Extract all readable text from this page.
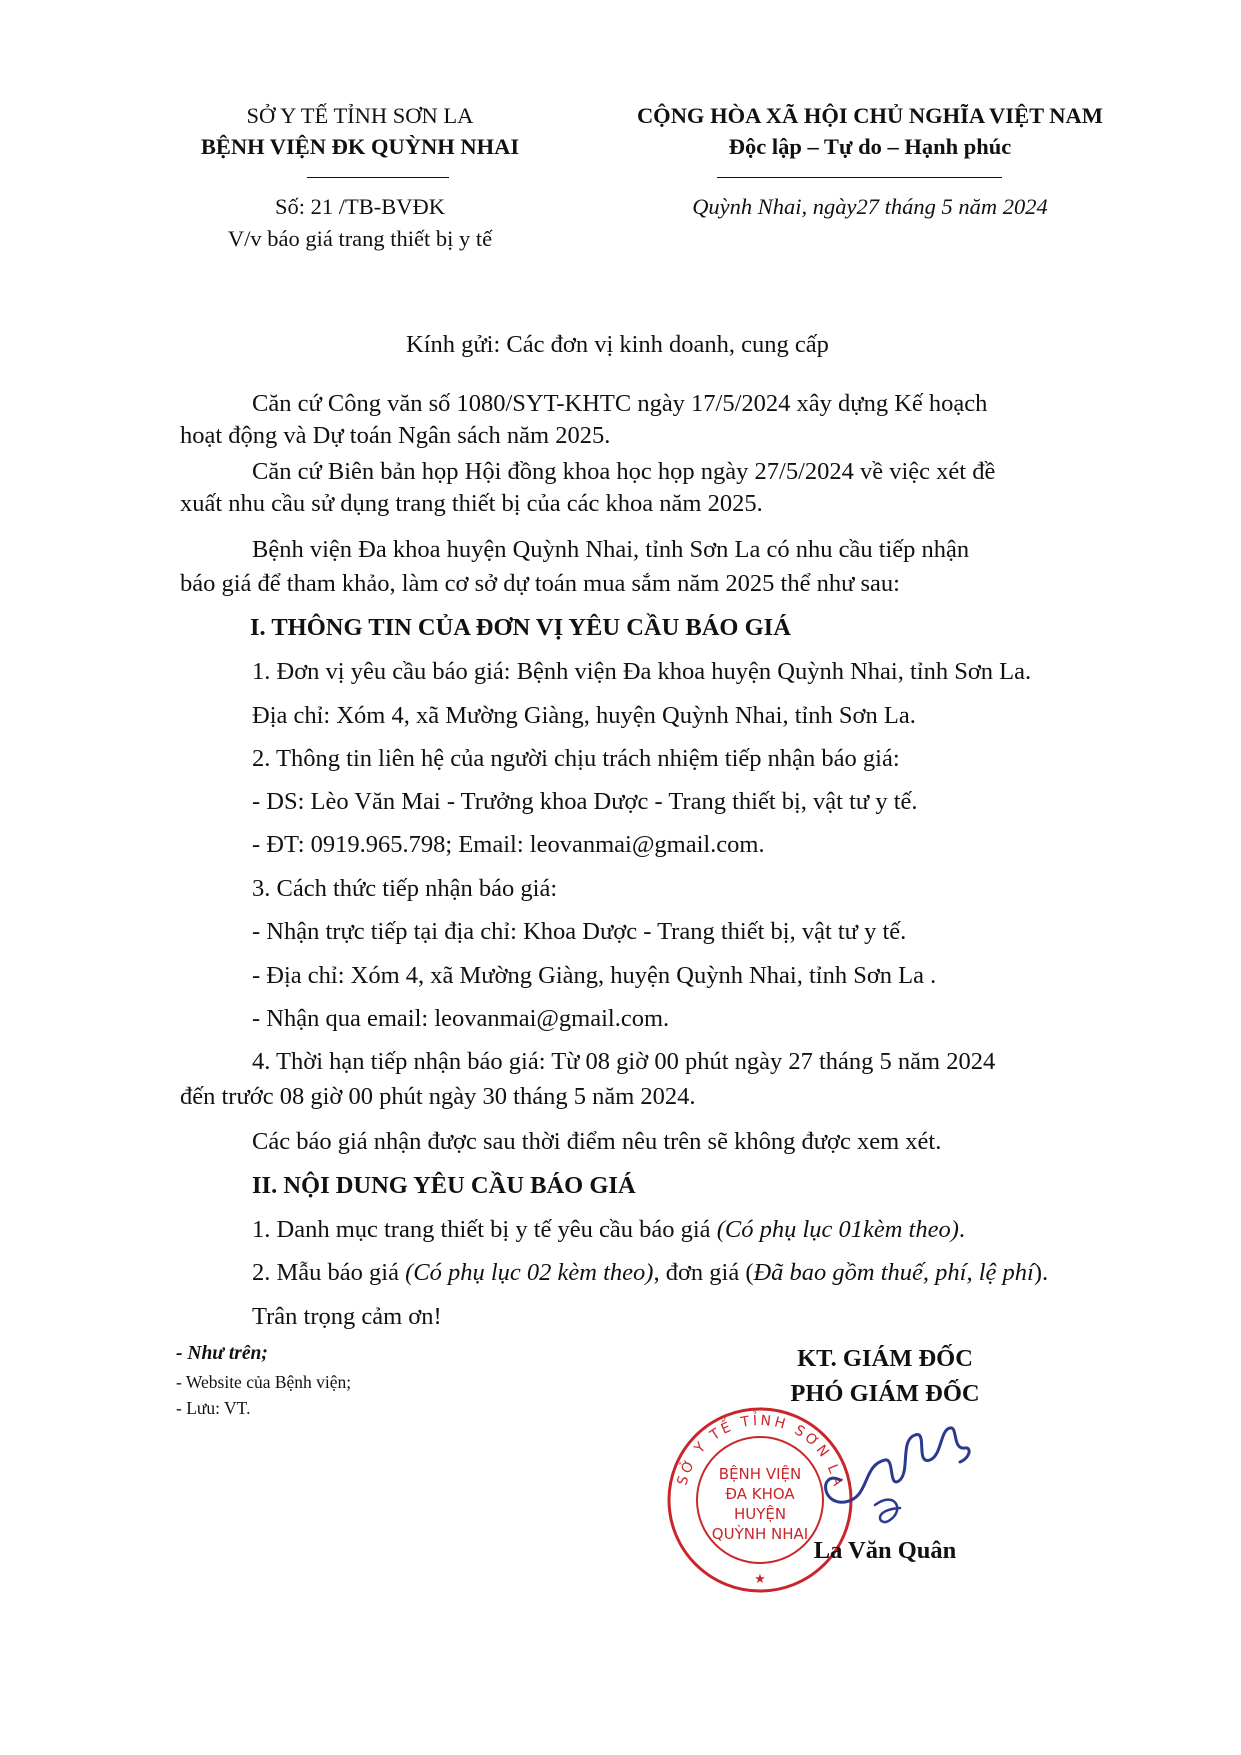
SỞ Y TẾ TỈNH SƠN LA
BỆNH VIỆN ĐK QUỲNH NHAI
Số: 21 /TB-BVĐK
V/v báo giá trang thiết bị y tế
CỘNG HÒA XÃ HỘI CHỦ NGHĨA VIỆT NAM
Độc lập – Tự do – Hạnh phúc
Quỳnh Nhai, ngày27 tháng 5 năm 2024
Kính gửi: Các đơn vị kinh doanh, cung cấp
Căn cứ Công văn số 1080/SYT-KHTC ngày 17/5/2024 xây dựng Kế hoạch
hoạt động và Dự toán Ngân sách năm 2025.
Căn cứ Biên bản họp Hội đồng khoa học họp ngày 27/5/2024 về việc xét đề
xuất nhu cầu sử dụng trang thiết bị của các khoa năm 2025.
Bệnh viện Đa khoa huyện Quỳnh Nhai, tỉnh Sơn La có nhu cầu tiếp nhận
báo giá để tham khảo, làm cơ sở dự toán mua sắm năm 2025 thể như sau:
I. THÔNG TIN CỦA ĐƠN VỊ YÊU CẦU BÁO GIÁ
1. Đơn vị yêu cầu báo giá: Bệnh viện Đa khoa huyện Quỳnh Nhai, tỉnh Sơn La.
Địa chỉ: Xóm 4, xã Mường Giàng, huyện Quỳnh Nhai, tỉnh Sơn La.
2. Thông tin liên hệ của người chịu trách nhiệm tiếp nhận báo giá:
- DS: Lèo Văn Mai - Trưởng khoa Dược - Trang thiết bị, vật tư y tế.
- ĐT: 0919.965.798; Email: leovanmai@gmail.com.
3. Cách thức tiếp nhận báo giá:
- Nhận trực tiếp tại địa chỉ: Khoa Dược - Trang thiết bị, vật tư y tế.
- Địa chỉ: Xóm 4, xã Mường Giàng, huyện Quỳnh Nhai, tỉnh Sơn La .
- Nhận qua email: leovanmai@gmail.com.
4. Thời hạn tiếp nhận báo giá: Từ 08 giờ 00 phút ngày 27 tháng 5 năm 2024
đến trước 08 giờ 00 phút ngày 30 tháng 5 năm 2024.
Các báo giá nhận được sau thời điểm nêu trên sẽ không được xem xét.
II. NỘI DUNG YÊU CẦU BÁO GIÁ
1. Danh mục trang thiết bị y tế yêu cầu báo giá (Có phụ lục 01kèm theo).
2. Mẫu báo giá (Có phụ lục 02 kèm theo), đơn giá (Đã bao gồm thuế, phí, lệ phí).
Trân trọng cảm ơn!
- Như trên;
- Website của Bệnh viện;
- Lưu: VT.
KT. GIÁM ĐỐC
PHÓ GIÁM ĐỐC
SỞ Y TẾ TỈNH SƠN LA
BỆNH VIỆN
ĐA KHOA
HUYỆN
QUỲNH NHAI
★
La Văn Quân
